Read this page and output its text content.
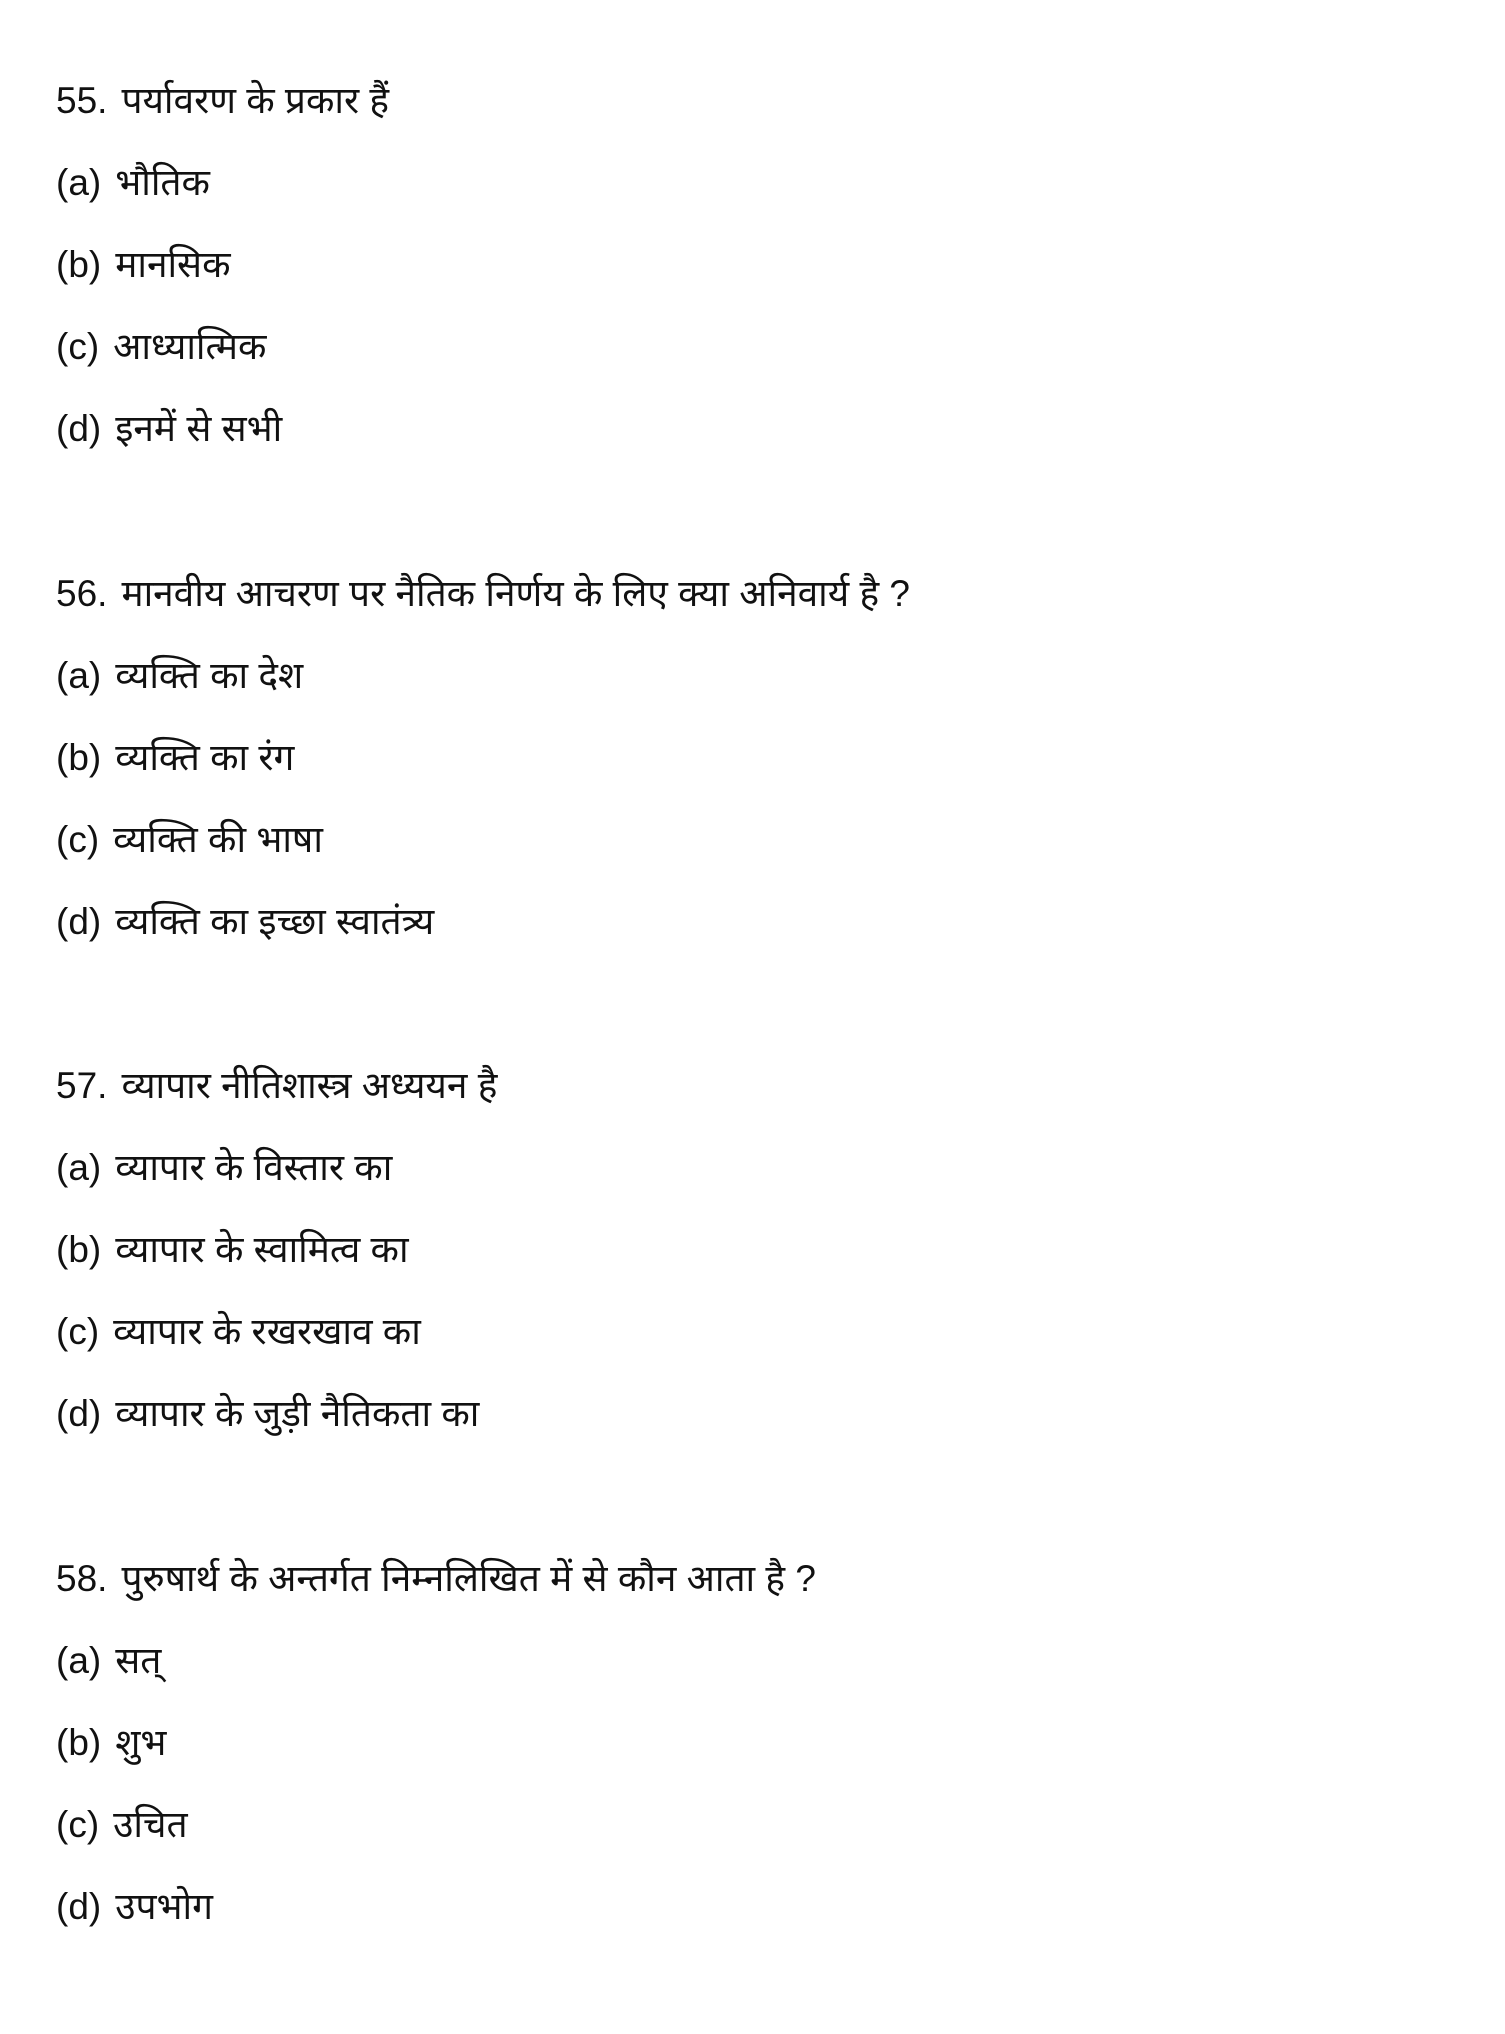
55. पर्यावरण के प्रकार हैं
(a) भौतिक
(b) मानसिक
(c) आध्यात्मिक
(d) इनमें से सभी
56. मानवीय आचरण पर नैतिक निर्णय के लिए क्या अनिवार्य है ?
(a) व्यक्ति का देश
(b) व्यक्ति का रंग
(c) व्यक्ति की भाषा
(d) व्यक्ति का इच्छा स्वातंत्र्य
57. व्यापार नीतिशास्त्र अध्ययन है
(a) व्यापार के विस्तार का
(b) व्यापार के स्वामित्व का
(c) व्यापार के रखरखाव का
(d) व्यापार के जुड़ी नैतिकता का
58. पुरुषार्थ के अन्तर्गत निम्नलिखित में से कौन आता है ?
(a) सत्
(b) शुभ
(c) उचित
(d) उपभोग
